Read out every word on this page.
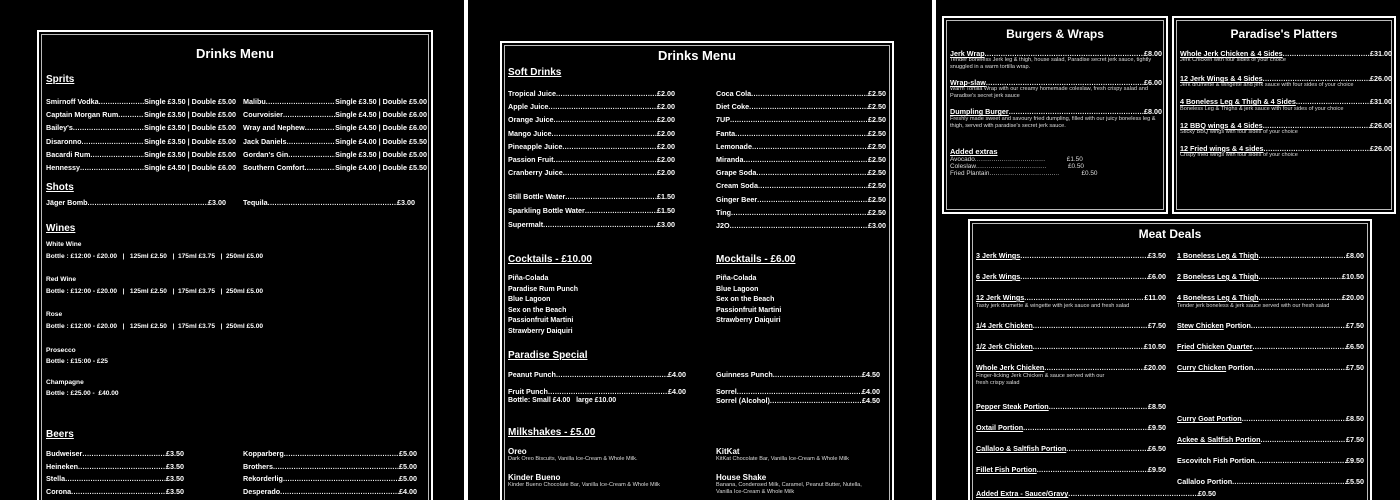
Drinks Menu
Sprits
Smirnoff Vodka .....	Single £3.50 | Double £5.00
Captain Morgan Rum .....	Single £3.50 | Double £5.00
Bailey's .....	Single £3.50 | Double £5.00
Disaronno .....	Single £3.50 | Double £5.00
Bacardi Rum .....	Single £3.50 | Double £5.00
Hennessy .....	Single £4.50 | Double £6.00
Malibu .....	Single £3.50 | Double £5.00
Courvoisier .....	Single £4.50 | Double £6.00
Wray and Nephew .....	Single £4.50 | Double £6.00
Jack Daniels .....	Single £4.00 | Double £5.50
Gordan's Gin .....	Single £3.50 | Double £5.00
Southern Comfort .....	Single £4.00 | Double £5.50
Shots
Jäger Bomb .....	£3.00 Tequila .....	£3.00
Wines
White Wine
Bottle : £12:00 - £20.00   |   125ml £2.50   |  175ml £3.75   |  250ml £5.00
Red Wine
Bottle : £12:00 - £20.00   |   125ml £2.50   |  175ml £3.75   |  250ml £5.00
Rose
Bottle : £12:00 - £20.00   |   125ml £2.50   |  175ml £3.75   |  250ml £5.00
Prosecco
Bottle : £15:00 - £25
Champagne
Bottle : £25.00 -  £40.00
Beers
Budweiser .....	£3.50
Heineken .....	£3.50
Stella .....	£3.50
Corona .....	£3.50
Kopparberg .....	£5.00
Brothers .....	£5.00
Rekorderlig .....	£5.00
Desperado .....	£4.00
Drinks Menu
Soft Drinks
Tropical Juice .....	£2.00
Apple Juice .....	£2.00
Orange Juice .....	£2.00
Mango Juice .....	£2.00
Pineapple Juice .....	£2.00
Passion Fruit .....	£2.00
Cranberry Juice .....	£2.00
Still Bottle Water .....	£1.50
Sparkling Bottle Water .....	£1.50
Supermalt .....	£3.00
Coca Cola .....	£2.50
Diet Coke .....	£2.50
7UP .....	£2.50
Fanta .....	£2.50
Lemonade .....	£2.50
Miranda .....	£2.50
Grape Soda .....	£2.50
Cream Soda .....	£2.50
Ginger Beer .....	£2.50
Ting .....	£2.50
J2O .....	£3.00
Cocktails - £10.00
Piña-Colada
Paradise Rum Punch
Blue Lagoon
Sex on the Beach
Passionfruit Martini
Strawberry Daiquiri
Mocktails - £6.00
Piña-Colada
Blue Lagoon
Sex on the Beach
Passionfruit Martini
Strawberry Daiquiri
Paradise Special
Peanut Punch .....	£4.00
Fruit Punch .....	£4.00
Bottle: Small £4.00   large £10.00
Guinness Punch .....	£4.50
Sorrel .....	£4.00
Sorrel (Alcohol) .....	£4.50
Milkshakes - £5.00
Oreo
Dark Oreo Biscuits, Vanilla Ice-Cream & Whole Milk.
KitKat
KitKat Chocolate Bar, Vanilla Ice-Cream & Whole Milk
Kinder Bueno
Kinder Bueno Chocolate Bar, Vanilla Ice-Cream & Whole Milk
House Shake
Banana, Condensed Milk, Caramel, Peanut Butter, Nutella, Vanilla Ice-Cream & Whole Milk
Burgers & Wraps
Jerk Wrap .....	£8.00
Tender boneless Jerk leg & thigh, house salad, Paradise secret jerk sauce, tightly snuggled in a warm tortilla wrap.
Wrap-slaw .....	£6.00
Warm Tortilla Wrap with our creamy homemade coleslaw, fresh crispy salad and Paradise's secret jerk sauce
Dumpling Burger .....	£8.00
Freshly made sweet and savoury fried dumpling, filled with our juicy boneless leg & thigh, served with paradise's secret jerk sauce.
Added extras
Avocado .....	£1.50
Coleslaw .....	£0.50
Fried Plantain .....	£0.50
Paradise's Platters
Whole Jerk Chicken & 4 Sides .....	£31.00
Jerk Chicken with four sides of your choice
12 Jerk Wings & 4 Sides .....	£26.00
Jerk drumette & wingette and jerk sauce with four sides of your choice
4 Boneless Leg & Thigh & 4 Sides .....	£31.00
Boneless Leg & Thighs & jerk sauce with four sides of your choice
12 BBQ wings & 4 Sides .....	£26.00
Sticky BBQ wings with four sides of your choice
12 Fried wings & 4 sides .....	£26.00
Crispy fried wings with four sides of your choice
Meat Deals
3 Jerk Wings .....	£3.50
6 Jerk Wings .....	£6.00
12 Jerk Wings .....	£11.00
Tasty jerk drumette & wingette with jerk sauce and fresh salad
1/4 Jerk Chicken .....	£7.50
1/2 Jerk Chicken .....	£10.50
Whole Jerk Chicken .....	£20.00
Finger-licking Jerk Chicken & sauce served with our fresh crispy salad
Pepper Steak Portion .....	£8.50
Oxtail Portion .....	£9.50
Callaloo & Saltfish Portion .....	£6.50
Fillet Fish Portion .....	£9.50
1 Boneless Leg & Thigh .....	£8.00
2 Boneless Leg & Thigh .....	£10.50
4 Boneless Leg & Thigh .....	£20.00
Tender jerk boneless & jerk sauce served with our fresh salad
Stew Chicken Portion .....	£7.50
Fried Chicken Quarter .....	£6.50
Curry Chicken Portion .....	£7.50
Curry Goat Portion .....	£8.50
Ackee & Saltfish Portion .....	£7.50
Escovitch Fish Portion .....	£9.50
Callaloo Portion .....	£5.50
Added Extra - Sauce/Gravy .....	£0.50
